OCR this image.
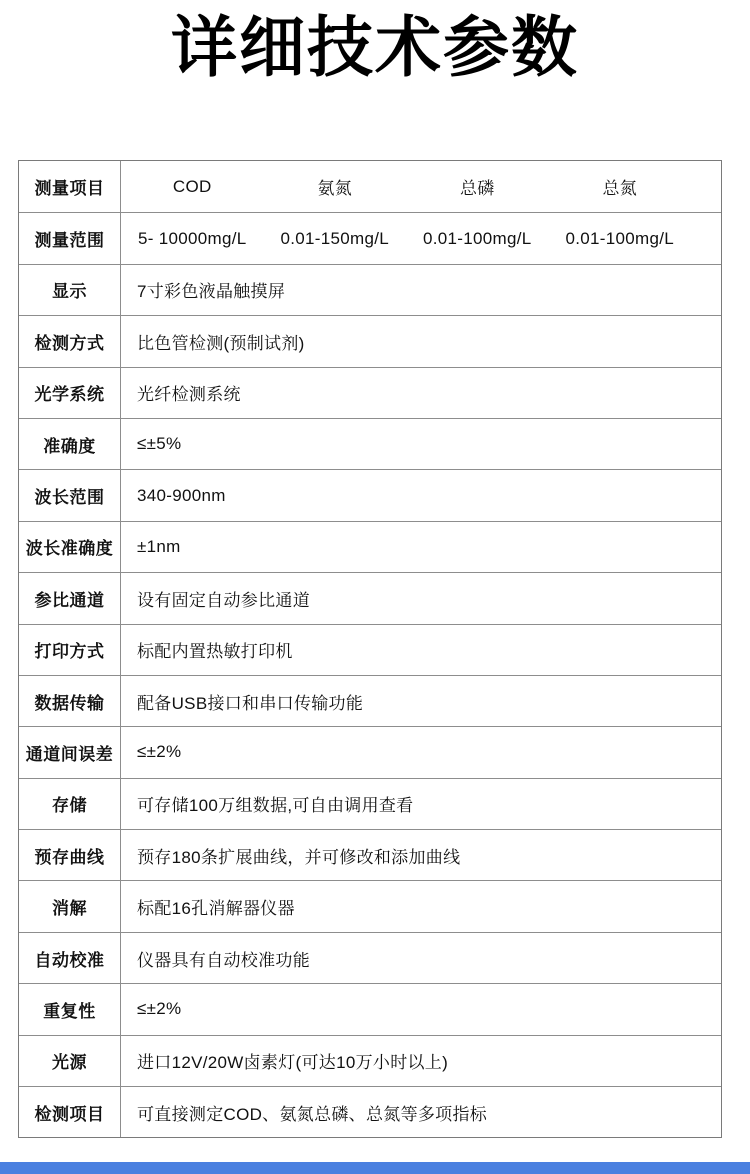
详细技术参数
测量项目	COD	氨氮	总磷	总氮
测量范围	5- 10000mg/L	0.01-150mg/L	0.01-100mg/L	0.01-100mg/L
显示	7寸彩色液晶触摸屏
检测方式	比色管检测(预制试剂)
光学系统	光纤检测系统
准确度	≤±5%
波长范围	340-900nm
波长准确度	±1nm
参比通道	设有固定自动参比通道
打印方式	标配内置热敏打印机
数据传输	配备USB接口和串口传输功能
通道间误差	≤±2%
存储	可存储100万组数据,可自由调用查看
预存曲线	预存180条扩展曲线，并可修改和添加曲线
消解	标配16孔消解器仪器
自动校准	仪器具有自动校准功能
重复性	≤±2%
光源	进口12V/20W卤素灯(可达10万小时以上)
检测项目	可直接测定COD、氨氮总磷、总氮等多项指标
